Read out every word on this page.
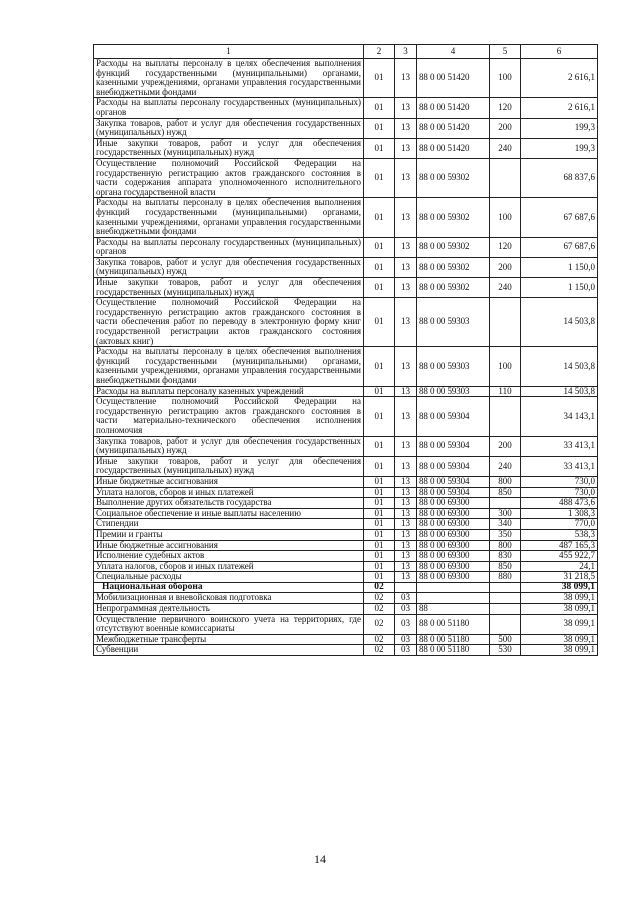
1	2	3	4	5	6
Расходы на выплаты персоналу в целях обеспечения выполнения функций государственными (муниципальными) органами, казенными учреждениями, органами управления государственными внебюджетными фондами	01	13	88 0 00 51420	100	2 616,1
Расходы на выплаты персоналу государственных (муниципальных) органов	01	13	88 0 00 51420	120	2 616,1
Закупка товаров, работ и услуг для обеспечения государственных (муниципальных) нужд	01	13	88 0 00 51420	200	199,3
Иные закупки товаров, работ и услуг для обеспечения государственных (муниципальных) нужд	01	13	88 0 00 51420	240	199,3
Осуществление полномочий Российской Федерации на государственную регистрацию актов гражданского состояния в части содержания аппарата уполномоченного исполнительного органа государственной власти	01	13	88 0 00 59302		68 837,6
Расходы на выплаты персоналу в целях обеспечения выполнения функций государственными (муниципальными) органами, казенными учреждениями, органами управления государственными внебюджетными фондами	01	13	88 0 00 59302	100	67 687,6
Расходы на выплаты персоналу государственных (муниципальных) органов	01	13	88 0 00 59302	120	67 687,6
Закупка товаров, работ и услуг для обеспечения государственных (муниципальных) нужд	01	13	88 0 00 59302	200	1 150,0
Иные закупки товаров, работ и услуг для обеспечения государственных (муниципальных) нужд	01	13	88 0 00 59302	240	1 150,0
Осуществление полномочий Российской Федерации на государственную регистрацию актов гражданского состояния в части обеспечения работ по переводу в электронную форму книг государственной регистрации актов гражданского состояния (актовых книг)	01	13	88 0 00 59303		14 503,8
Расходы на выплаты персоналу в целях обеспечения выполнения функций государственными (муниципальными) органами, казенными учреждениями, органами управления государственными внебюджетными фондами	01	13	88 0 00 59303	100	14 503,8
Расходы на выплаты персоналу казенных учреждений	01	13	88 0 00 59303	110	14 503,8
Осуществление полномочий Российской Федерации на государственную регистрацию актов гражданского состояния в части материально-технического обеспечения исполнения полномочия	01	13	88 0 00 59304		34 143,1
Закупка товаров, работ и услуг для обеспечения государственных (муниципальных) нужд	01	13	88 0 00 59304	200	33 413,1
Иные закупки товаров, работ и услуг для обеспечения государственных (муниципальных) нужд	01	13	88 0 00 59304	240	33 413,1
Иные бюджетные ассигнования	01	13	88 0 00 59304	800	730,0
Уплата налогов, сборов и иных платежей	01	13	88 0 00 59304	850	730,0
Выполнение других обязательств государства	01	13	88 0 00 69300		488 473,6
Социальное обеспечение и иные выплаты населению	01	13	88 0 00 69300	300	1 308,3
Стипендии	01	13	88 0 00 69300	340	770,0
Премии и гранты	01	13	88 0 00 69300	350	538,3
Иные бюджетные ассигнования	01	13	88 0 00 69300	800	487 165,3
Исполнение судебных актов	01	13	88 0 00 69300	830	455 922,7
Уплата налогов, сборов и иных платежей	01	13	88 0 00 69300	850	24,1
Специальные расходы	01	13	88 0 00 69300	880	31 218,5
Национальная оборона	02				38 099,1
Мобилизационная и вневойсковая подготовка	02	03			38 099,1
Непрограммная деятельность	02	03	88		38 099,1
Осуществление первичного воинского учета на территориях, где отсутствуют военные комиссариаты	02	03	88 0 00 51180		38 099,1
Межбюджетные трансферты	02	03	88 0 00 51180	500	38 099,1
Субвенции	02	03	88 0 00 51180	530	38 099,1
14
